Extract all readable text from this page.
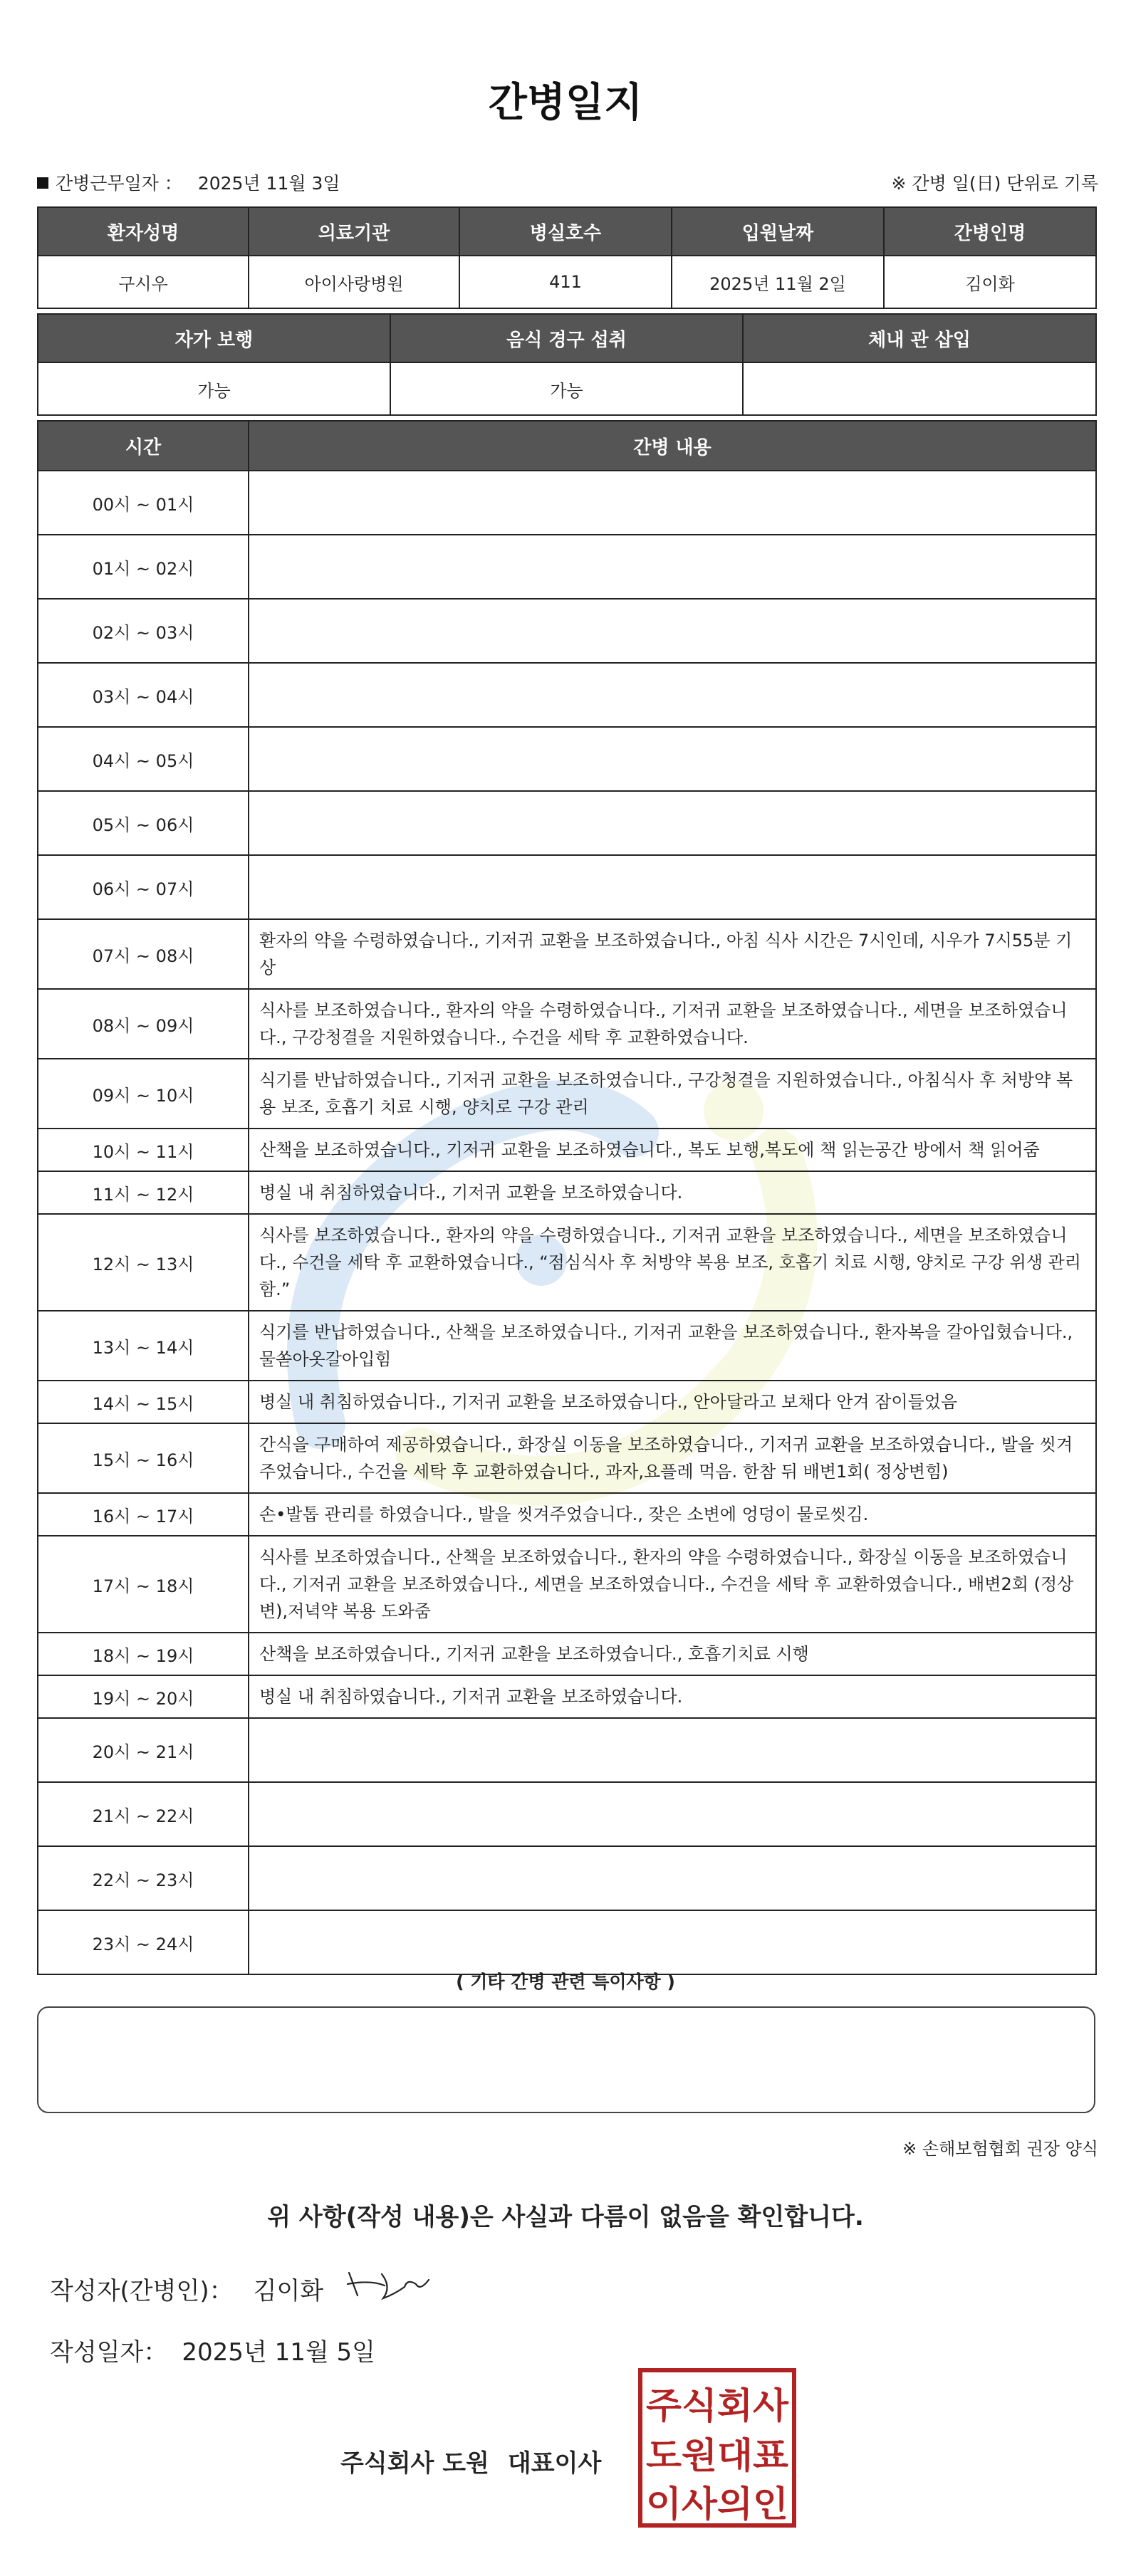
간병일지
간병근무일자 ： 2025년 11월 3일	※ 간병 일(日) 단위로 기록
환자성명	의료기관	병실호수	입원날짜	간병인명
구시우	아이사랑병원	411	2025년 11월 2일	김이화
자가 보행	음식 경구 섭취	체내 관 삽입
가능	가능	
시간	간병 내용
00시 ~ 01시	
01시 ~ 02시	
02시 ~ 03시	
03시 ~ 04시	
04시 ~ 05시	
05시 ~ 06시	
06시 ~ 07시	
07시 ~ 08시	환자의 약을 수령하였습니다., 기저귀 교환을 보조하였습니다., 아침 식사 시간은 7시인데, 시우가 7시55분 기상
08시 ~ 09시	식사를 보조하였습니다., 환자의 약을 수령하였습니다., 기저귀 교환을 보조하였습니다., 세면을 보조하였습니다., 구강청결을 지원하였습니다., 수건을 세탁 후 교환하였습니다.
09시 ~ 10시	식기를 반납하였습니다., 기저귀 교환을 보조하였습니다., 구강청결을 지원하였습니다., 아침식사 후 처방약 복용 보조, 호흡기 치료 시행, 양치로 구강 관리
10시 ~ 11시	산책을 보조하였습니다., 기저귀 교환을 보조하였습니다., 복도 보행,복도에 책 읽는공간 방에서 책 읽어줌
11시 ~ 12시	병실 내 취침하였습니다., 기저귀 교환을 보조하였습니다.
12시 ~ 13시	식사를 보조하였습니다., 환자의 약을 수령하였습니다., 기저귀 교환을 보조하였습니다., 세면을 보조하였습니다., 수건을 세탁 후 교환하였습니다., “점심식사 후 처방약 복용 보조, 호흡기 치료 시행, 양치로 구강 위생 관리함.”
13시 ~ 14시	식기를 반납하였습니다., 산책을 보조하였습니다., 기저귀 교환을 보조하였습니다., 환자복을 갈아입혔습니다., 물쏟아옷갈아입힘
14시 ~ 15시	병실 내 취침하였습니다., 기저귀 교환을 보조하였습니다., 안아달라고 보채다 안겨 잠이들었음
15시 ~ 16시	간식을 구매하여 제공하였습니다., 화장실 이동을 보조하였습니다., 기저귀 교환을 보조하였습니다., 발을 씻겨주었습니다., 수건을 세탁 후 교환하였습니다., 과자,요플레 먹음. 한참 뒤 배변1회( 정상변힘)
16시 ~ 17시	손•발톱 관리를 하였습니다., 발을 씻겨주었습니다., 잦은 소변에 엉덩이 물로씻김.
17시 ~ 18시	식사를 보조하였습니다., 산책을 보조하였습니다., 환자의 약을 수령하였습니다., 화장실 이동을 보조하였습니다., 기저귀 교환을 보조하였습니다., 세면을 보조하였습니다., 수건을 세탁 후 교환하였습니다., 배변2회 (정상변),저녁약 복용 도와줌
18시 ~ 19시	산책을 보조하였습니다., 기저귀 교환을 보조하였습니다., 호흡기치료 시행
19시 ~ 20시	병실 내 취침하였습니다., 기저귀 교환을 보조하였습니다.
20시 ~ 21시	
21시 ~ 22시	
22시 ~ 23시	
23시 ~ 24시	
( 기타 간병 관련 특이사항 )
※ 손해보험협회 권장 양식
위 사항(작성 내용)은 사실과 다름이 없음을 확인합니다.
작성자(간병인)： 김이화
작성일자： 2025년 11월 5일
주식회사 도원 대표이사
주식회사
도원대표
이사의인
